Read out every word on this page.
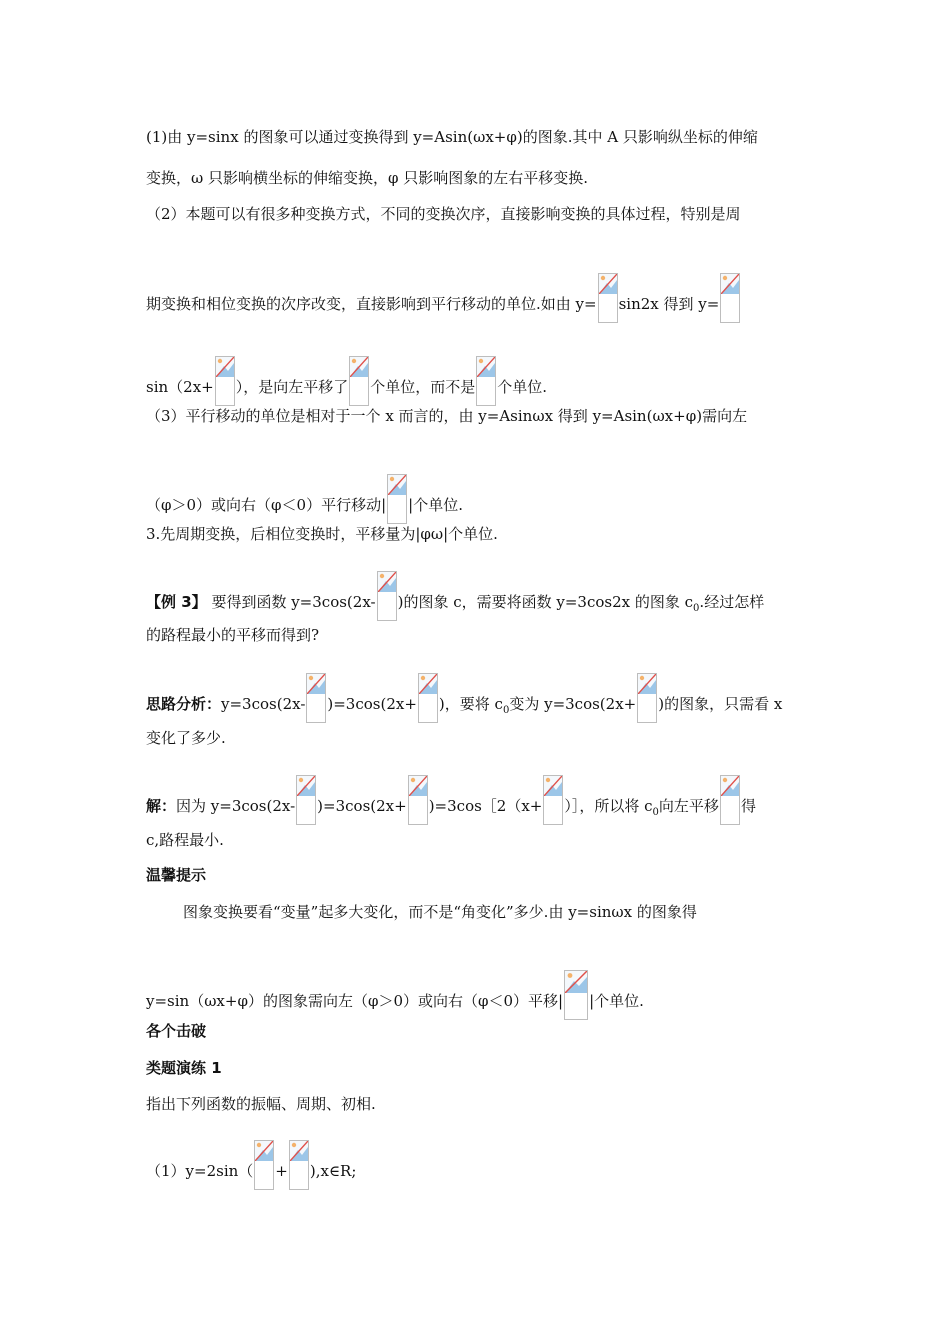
(1)由 y=sinx 的图象可以通过变换得到 y=Asin(ωx+φ)的图象.其中 A 只影响纵坐标的伸缩
变换，ω 只影响横坐标的伸缩变换，φ 只影响图象的左右平移变换.
（2）本题可以有很多种变换方式，不同的变换次序，直接影响变换的具体过程，特别是周
期变换和相位变换的次序改变，直接影响到平行移动的单位.如由 y= sin2x 得到 y=
sin（2x+ ），是向左平移了 个单位，而不是 个单位.
（3）平行移动的单位是相对于一个 x 而言的，由 y=Asinωx 得到 y=Asin(ωx+φ)需向左
（φ＞0）或向右（φ＜0）平行移动| |个单位.
3.先周期变换，后相位变换时，平移量为|φω|个单位.
【例 3】 要得到函数 y=3cos(2x- )的图象 c，需要将函数 y=3cos2x 的图象 $c_0$.经过怎样
的路程最小的平移而得到?
思路分析：y=3cos(2x- )=3cos(2x+ )，要将 $c_0$变为 y=3cos(2x+ )的图象，只需看 x
变化了多少.
解：因为 y=3cos(2x- )=3cos(2x+ )=3cos［2（x+ ）］，所以将 $c_0$向左平移 得
c,路程最小.
温馨提示
图象变换要看“变量”起多大变化，而不是“角变化”多少.由 y=sinωx 的图象得
y=sin（ωx+φ）的图象需向左（φ＞0）或向右（φ＜0）平移| |个单位.
各个击破
类题演练 1
指出下列函数的振幅、周期、初相.
（1）y=2sin（ + ),x∈R;
